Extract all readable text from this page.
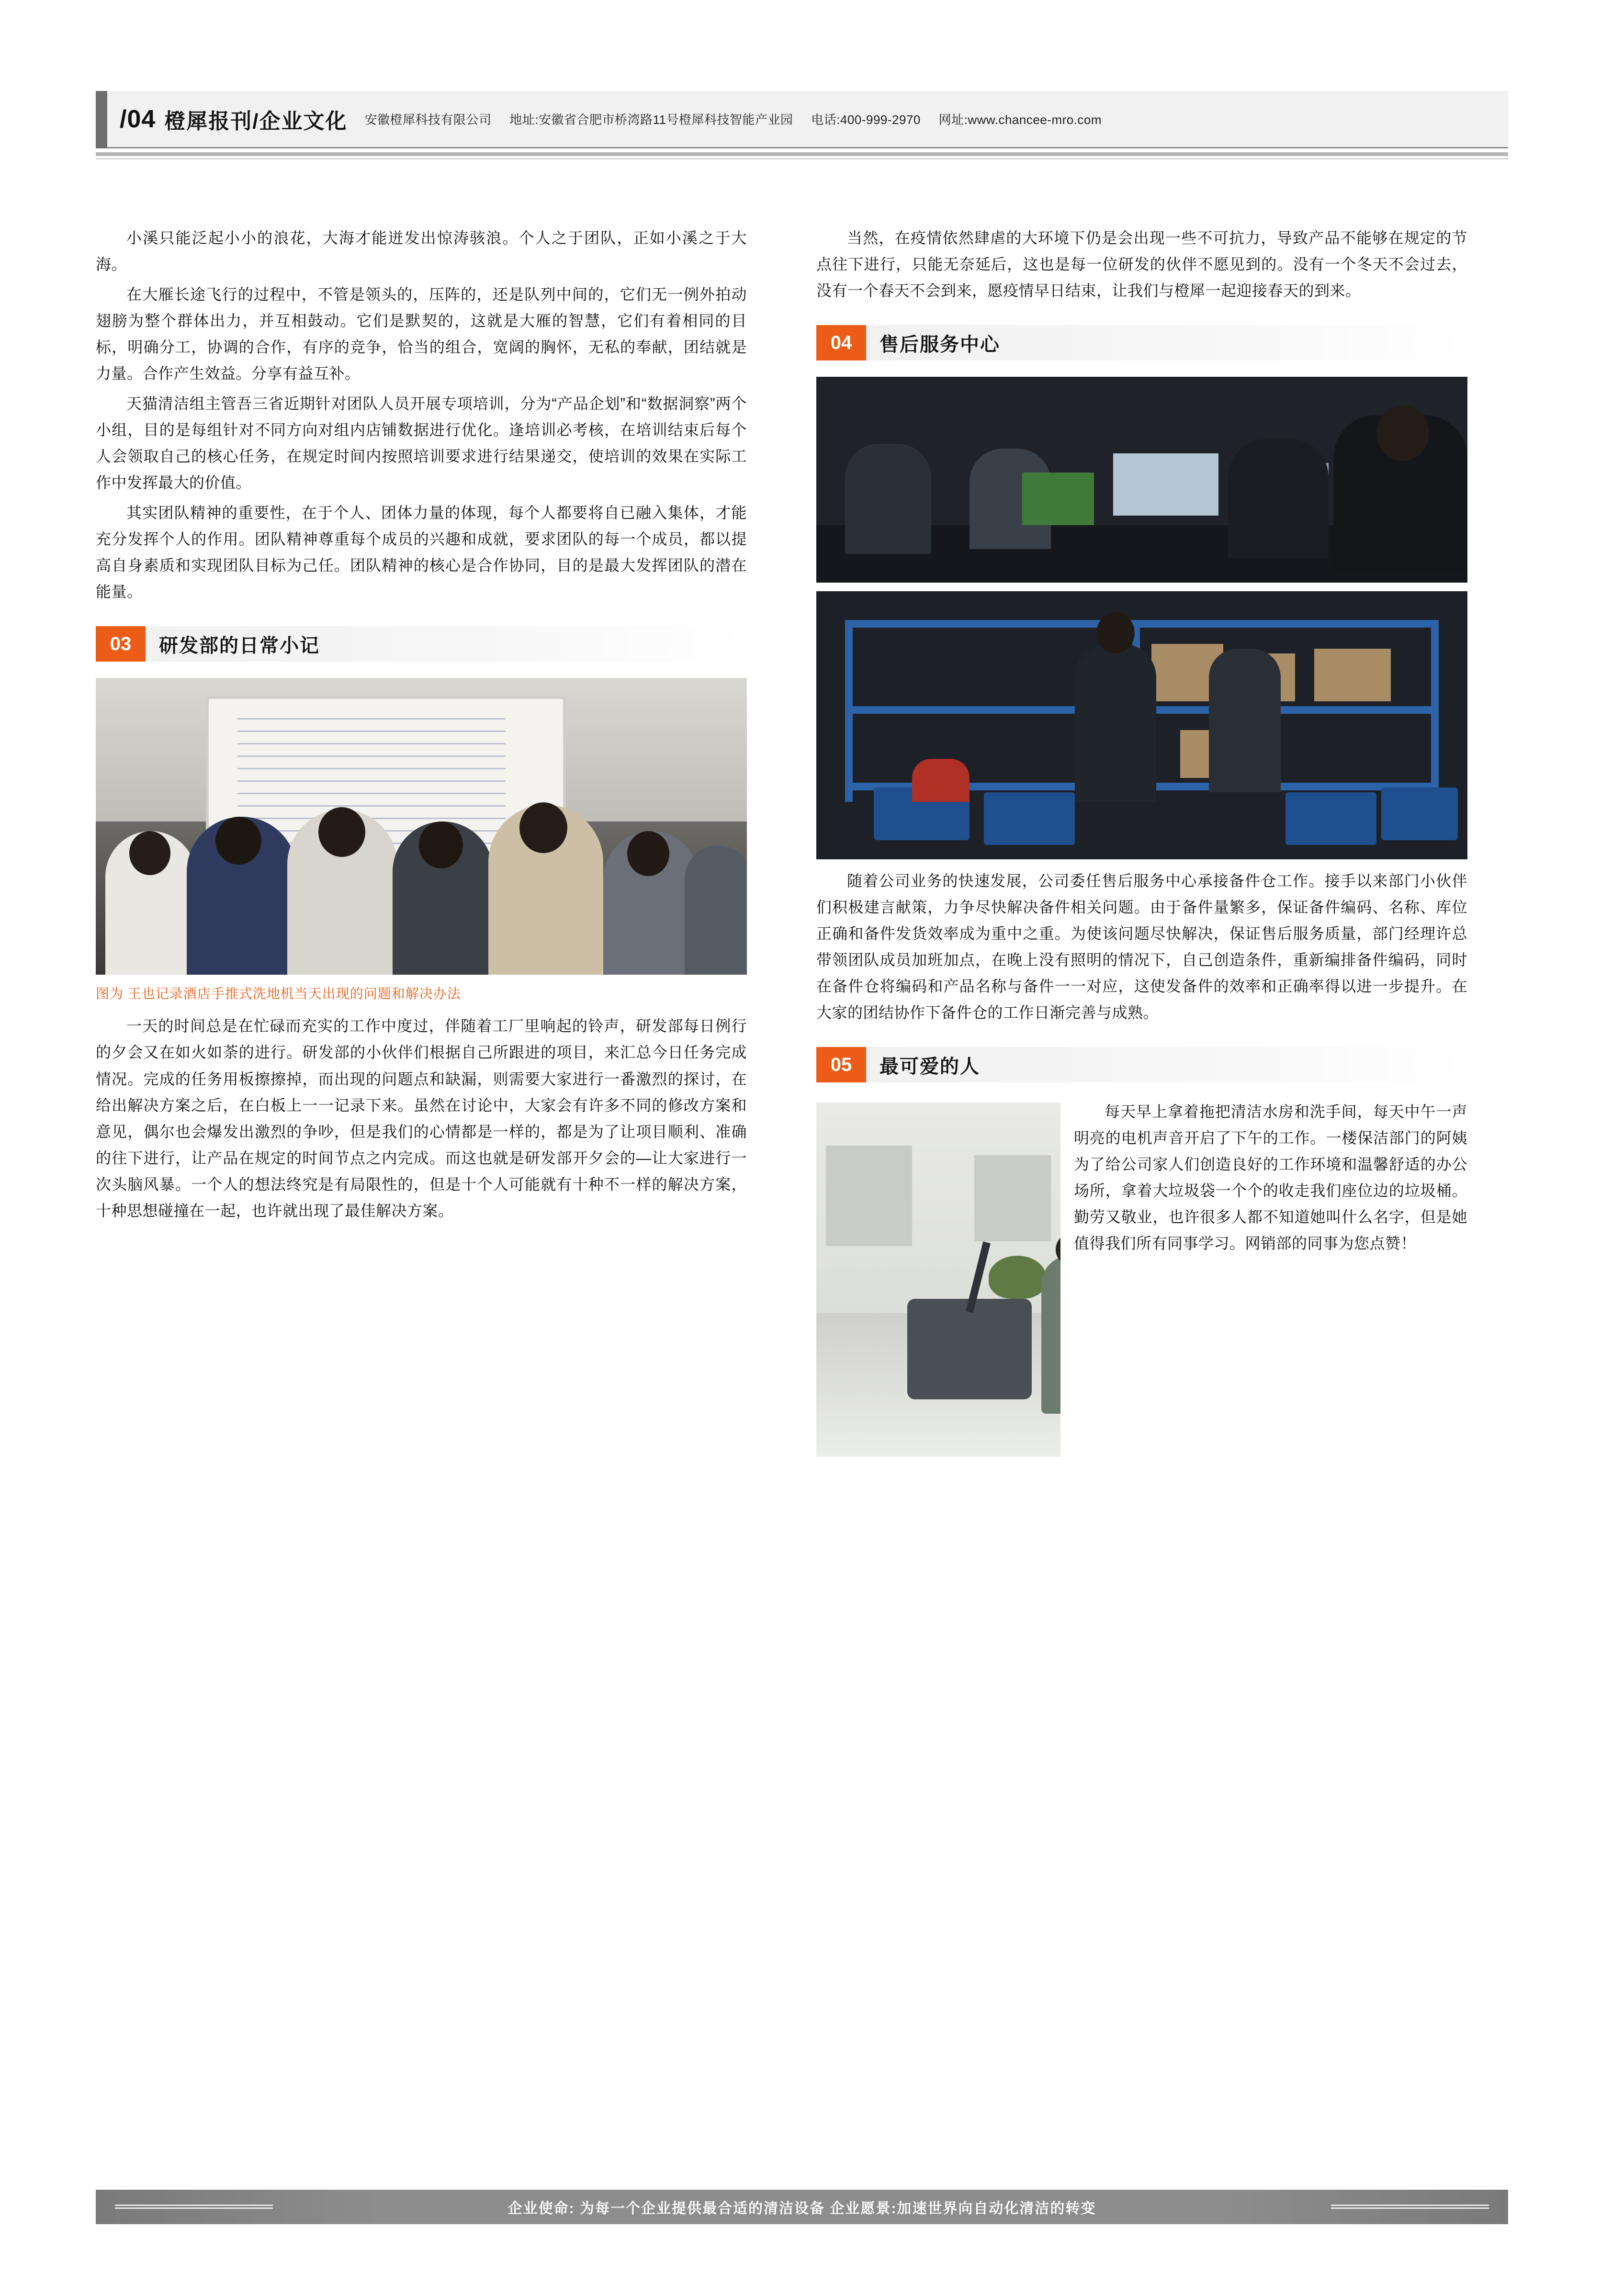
/04 橙犀报刊/企业文化 安徽橙犀科技有限公司 地址:安徽省合肥市桥湾路11号橙犀科技智能产业园 电话:400-999-2970 网址:www.chancee-mro.com

小溪只能泛起小小的浪花，大海才能迸发出惊涛骇浪。个人之于团队，正如小溪之于大海。

在大雁长途飞行的过程中，不管是领头的，压阵的，还是队列中间的，它们无一例外拍动翅膀为整个群体出力，并互相鼓动。它们是默契的，这就是大雁的智慧，它们有着相同的目标，明确分工，协调的合作，有序的竞争，恰当的组合，宽阔的胸怀，无私的奉献，团结就是力量。合作产生效益。分享有益互补。

天猫清洁组主管吾三省近期针对团队人员开展专项培训，分为“产品企划”和“数据洞察”两个小组，目的是每组针对不同方向对组内店铺数据进行优化。逢培训必考核，在培训结束后每个人会领取自己的核心任务，在规定时间内按照培训要求进行结果递交，使培训的效果在实际工作中发挥最大的价值。

其实团队精神的重要性，在于个人、团体力量的体现，每个人都要将自已融入集体，才能充分发挥个人的作用。团队精神尊重每个成员的兴趣和成就，要求团队的每一个成员，都以提高自身素质和实现团队目标为己任。团队精神的核心是合作协同，目的是最大发挥团队的潜在能量。

03	研发部的日常小记
图为 王也记录酒店手推式洗地机当天出现的问题和解决办法

一天的时间总是在忙碌而充实的工作中度过，伴随着工厂里响起的铃声，研发部每日例行的夕会又在如火如荼的进行。研发部的小伙伴们根据自己所跟进的项目，来汇总今日任务完成情况。完成的任务用板擦擦掉，而出现的问题点和缺漏，则需要大家进行一番激烈的探讨，在给出解决方案之后，在白板上一一记录下来。虽然在讨论中，大家会有许多不同的修改方案和意见，偶尔也会爆发出激烈的争吵，但是我们的心情都是一样的，都是为了让项目顺利、准确的往下进行，让产品在规定的时间节点之内完成。而这也就是研发部开夕会的—让大家进行一次头脑风暴。一个人的想法终究是有局限性的，但是十个人可能就有十种不一样的解决方案，十种思想碰撞在一起，也许就出现了最佳解决方案。

当然，在疫情依然肆虐的大环境下仍是会出现一些不可抗力，导致产品不能够在规定的节点往下进行，只能无奈延后，这也是每一位研发的伙伴不愿见到的。没有一个冬天不会过去，没有一个春天不会到来，愿疫情早日结束，让我们与橙犀一起迎接春天的到来。

04	售后服务中心

随着公司业务的快速发展，公司委任售后服务中心承接备件仓工作。接手以来部门小伙伴们积极建言献策，力争尽快解决备件相关问题。由于备件量繁多，保证备件编码、名称、库位正确和备件发货效率成为重中之重。为使该问题尽快解决，保证售后服务质量，部门经理许总带领团队成员加班加点，在晚上没有照明的情况下，自己创造条件，重新编排备件编码，同时在备件仓将编码和产品名称与备件一一对应，这使发备件的效率和正确率得以进一步提升。在大家的团结协作下备件仓的工作日渐完善与成熟。

05	最可爱的人

每天早上拿着拖把清洁水房和洗手间，每天中午一声明亮的电机声音开启了下午的工作。一楼保洁部门的阿姨为了给公司家人们创造良好的工作环境和温馨舒适的办公场所，拿着大垃圾袋一个个的收走我们座位边的垃圾桶。勤劳又敬业，也许很多人都不知道她叫什么名字，但是她值得我们所有同事学习。网销部的同事为您点赞！

企业使命: 为每一个企业提供最合适的清洁设备 企业愿景:加速世界向自动化清洁的转变
